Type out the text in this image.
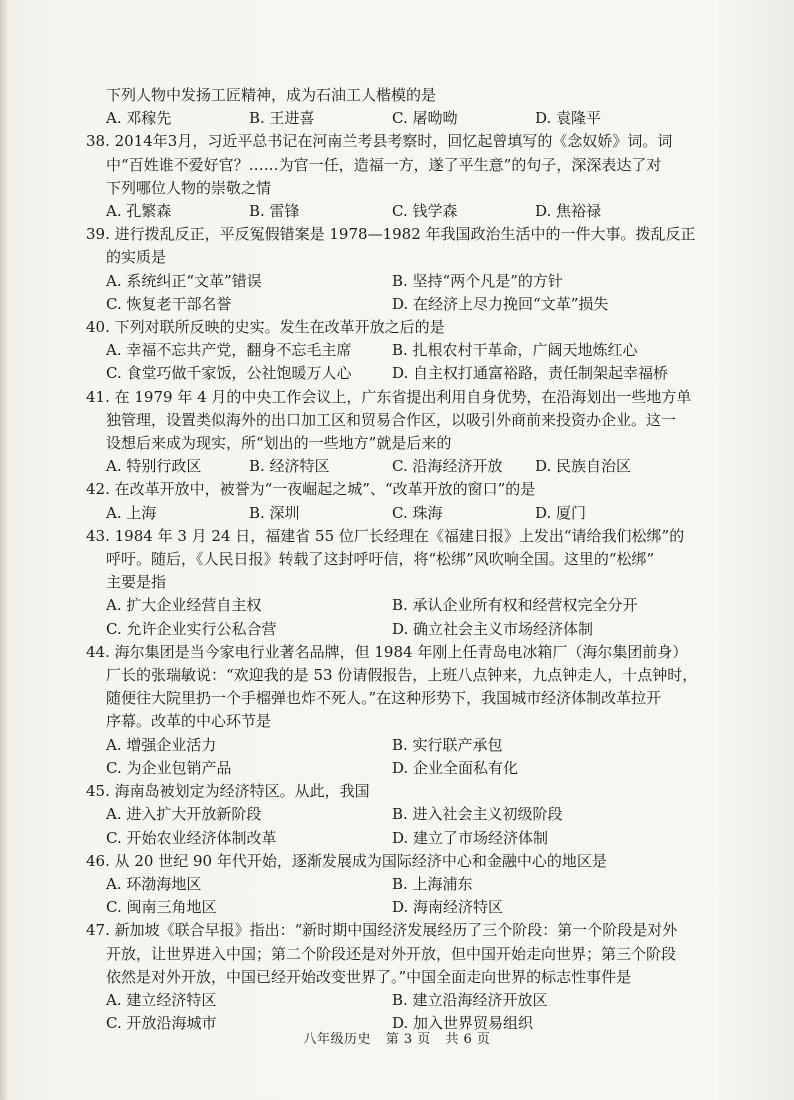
下列人物中发扬工匠精神，成为石油工人楷模的是
A. 邓稼先	B. 王进喜	C. 屠呦呦	D. 袁隆平
38. 2014年3月，习近平总书记在河南兰考县考察时，回忆起曾填写的《念奴娇》词。词
中“百姓谁不爱好官？……为官一任，造福一方，遂了平生意”的句子，深深表达了对
下列哪位人物的崇敬之情
A. 孔繁森	B. 雷锋	C. 钱学森	D. 焦裕禄
39. 进行拨乱反正，平反冤假错案是 1978—1982 年我国政治生活中的一件大事。拨乱反正
的实质是
A. 系统纠正“文革”错误	B. 坚持“两个凡是”的方针
C. 恢复老干部名誉	D. 在经济上尽力挽回“文革”损失
40. 下列对联所反映的史实。发生在改革开放之后的是
A. 幸福不忘共产党，翻身不忘毛主席	B. 扎根农村干革命，广阔天地炼红心
C. 食堂巧做千家饭，公社饱暖万人心	D. 自主权打通富裕路，责任制架起幸福桥
41. 在 1979 年 4 月的中央工作会议上，广东省提出利用自身优势，在沿海划出一些地方单
独管理，设置类似海外的出口加工区和贸易合作区，以吸引外商前来投资办企业。这一
设想后来成为现实，所“划出的一些地方”就是后来的
A. 特别行政区	B. 经济特区	C. 沿海经济开放	D. 民族自治区
42. 在改革开放中，被誉为“一夜崛起之城”、“改革开放的窗口”的是
A. 上海	B. 深圳	C. 珠海	D. 厦门
43. 1984 年 3 月 24 日，福建省 55 位厂长经理在《福建日报》上发出“请给我们松绑”的
呼吁。随后，《人民日报》转载了这封呼吁信，将“松绑”风吹响全国。这里的“松绑”
主要是指
A. 扩大企业经营自主权	B. 承认企业所有权和经营权完全分开
C. 允许企业实行公私合营	D. 确立社会主义市场经济体制
44. 海尔集团是当今家电行业著名品牌，但 1984 年刚上任青岛电冰箱厂（海尔集团前身）
厂长的张瑞敏说：“欢迎我的是 53 份请假报告，上班八点钟来，九点钟走人，十点钟时，
随便往大院里扔一个手榴弹也炸不死人。”在这种形势下，我国城市经济体制改革拉开
序幕。改革的中心环节是
A. 增强企业活力	B. 实行联产承包
C. 为企业包销产品	D. 企业全面私有化
45. 海南岛被划定为经济特区。从此，我国
A. 进入扩大开放新阶段	B. 进入社会主义初级阶段
C. 开始农业经济体制改革	D. 建立了市场经济体制
46. 从 20 世纪 90 年代开始，逐渐发展成为国际经济中心和金融中心的地区是
A. 环渤海地区	B. 上海浦东
C. 闽南三角地区	D. 海南经济特区
47. 新加坡《联合早报》指出：“新时期中国经济发展经历了三个阶段：第一个阶段是对外
开放，让世界进入中国；第二个阶段还是对外开放，但中国开始走向世界；第三个阶段
依然是对外开放，中国已经开始改变世界了。”中国全面走向世界的标志性事件是
A. 建立经济特区	B. 建立沿海经济开放区
C. 开放沿海城市	D. 加入世界贸易组织
八年级历史 第 3 页 共 6 页
